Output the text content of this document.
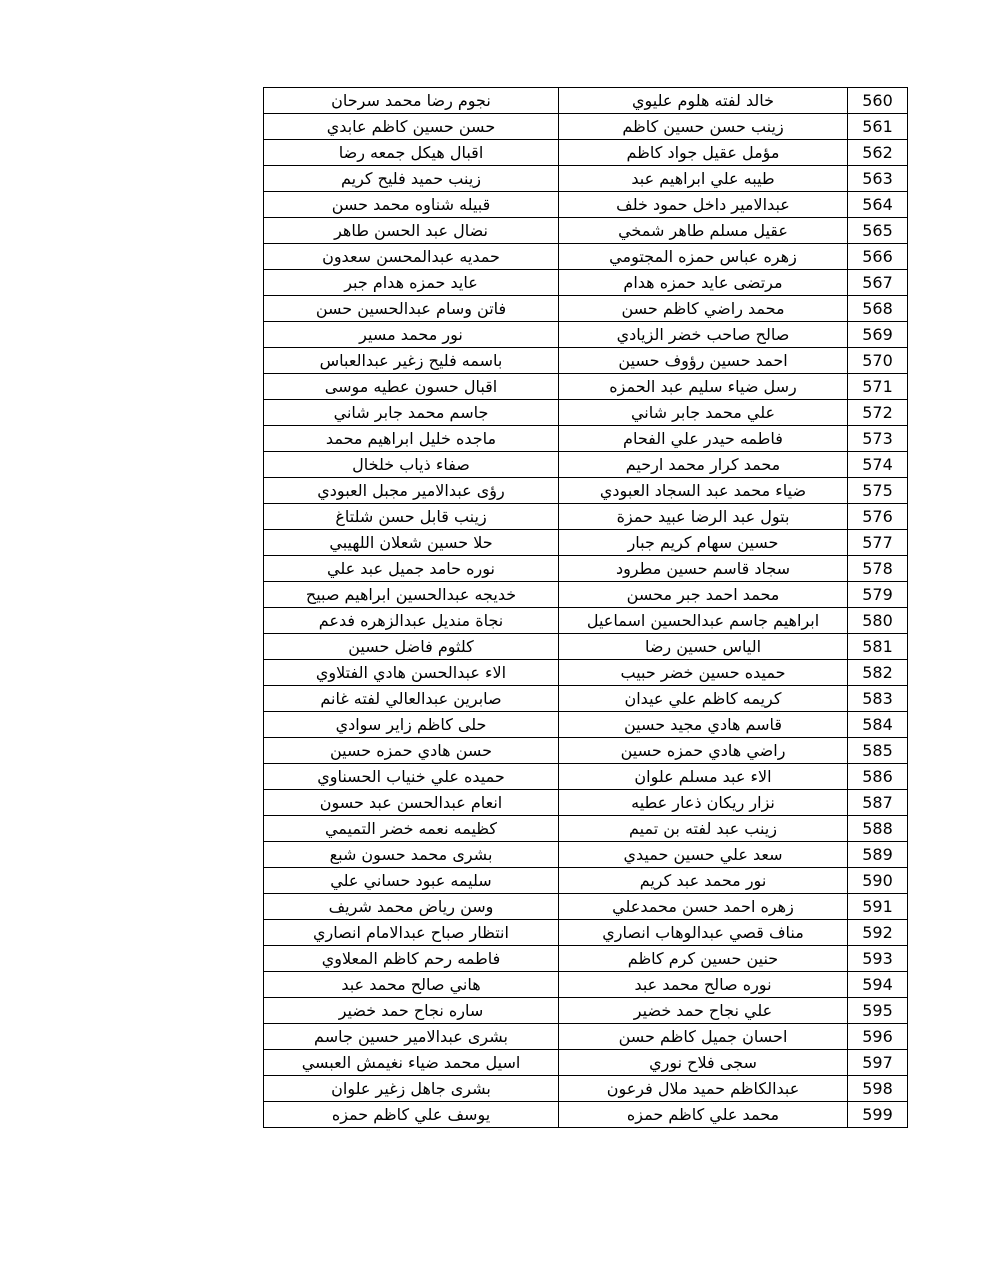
نجوم رضا محمد سرحان	خالد لفته هلوم عليوي	560
حسن حسين كاظم عابدي	زينب حسن حسين كاظم	561
اقبال هيكل جمعه رضا	مؤمل عقيل جواد كاظم	562
زينب حميد فليح كريم	طيبه علي ابراهيم عبد	563
قبيله شناوه محمد حسن	عبدالامير داخل حمود خلف	564
نضال عبد الحسن طاهر	عقيل مسلم طاهر شمخي	565
حمديه عبدالمحسن سعدون	زهره عباس حمزه المجتومي	566
عايد حمزه هدام جبر	مرتضى عايد حمزه هدام	567
فاتن وسام عبدالحسين حسن	محمد راضي كاظم حسن	568
نور محمد مسير	صالح صاحب خضر الزيادي	569
باسمه فليح زغير عبدالعباس	احمد حسين رؤوف حسين	570
اقبال حسون عطيه موسى	رسل ضياء سليم عبد الحمزه	571
جاسم محمد جابر شاني	علي محمد جابر شاني	572
ماجده خليل ابراهيم محمد	فاطمه حيدر علي الفحام	573
صفاء ذياب خلخال	محمد كرار محمد ارحيم	574
رؤى عبدالامير مجبل العبودي	ضياء محمد عبد السجاد العبودي	575
زينب قابل حسن شلتاغ	بتول عبد الرضا عبيد حمزة	576
حلا حسين شعلان اللهيبي	حسين سهام كريم جبار	577
نوره حامد جميل عبد علي	سجاد قاسم حسين مطرود	578
خديجه عبدالحسين ابراهيم صبيح	محمد احمد جبر محسن	579
نجاة منديل عبدالزهره فدعم	ابراهيم جاسم عبدالحسين اسماعيل	580
كلثوم فاضل حسين	الياس حسين رضا	581
الاء عبدالحسن هادي الفتلاوي	حميده حسين خضر حبيب	582
صابرين عبدالعالي لفته غانم	كريمه كاظم علي عيدان	583
حلى كاظم زاير سوادي	قاسم هادي مجيد حسين	584
حسن هادي حمزه حسين	راضي هادي حمزه حسين	585
حميده علي خنياب الحسناوي	الاء عبد مسلم علوان	586
انعام عبدالحسن عبد حسون	نزار ريكان ذعار عطيه	587
كظيمه نعمه خضر التميمي	زينب عبد لفته بن تميم	588
بشرى محمد حسون شبع	سعد علي حسين حميدي	589
سليمه عبود حساني علي	نور محمد عبد كريم	590
وسن رياض محمد شريف	زهره احمد حسن محمدعلي	591
انتظار صباح عبدالامام انصاري	مناف قصي عبدالوهاب انصاري	592
فاطمه رحم كاظم المعلاوي	حنين حسين كرم كاظم	593
هاني صالح محمد عبد	نوره صالح محمد عبد	594
ساره نجاح حمد خضير	علي نجاح حمد خضير	595
بشرى عبدالامير حسين جاسم	احسان جميل كاظم حسن	596
اسيل محمد ضياء نغيمش العبسي	سجى فلاح نوري	597
بشرى جاهل زغير علوان	عبدالكاظم حميد ملال فرعون	598
يوسف علي كاظم حمزه	محمد علي كاظم حمزه	599
